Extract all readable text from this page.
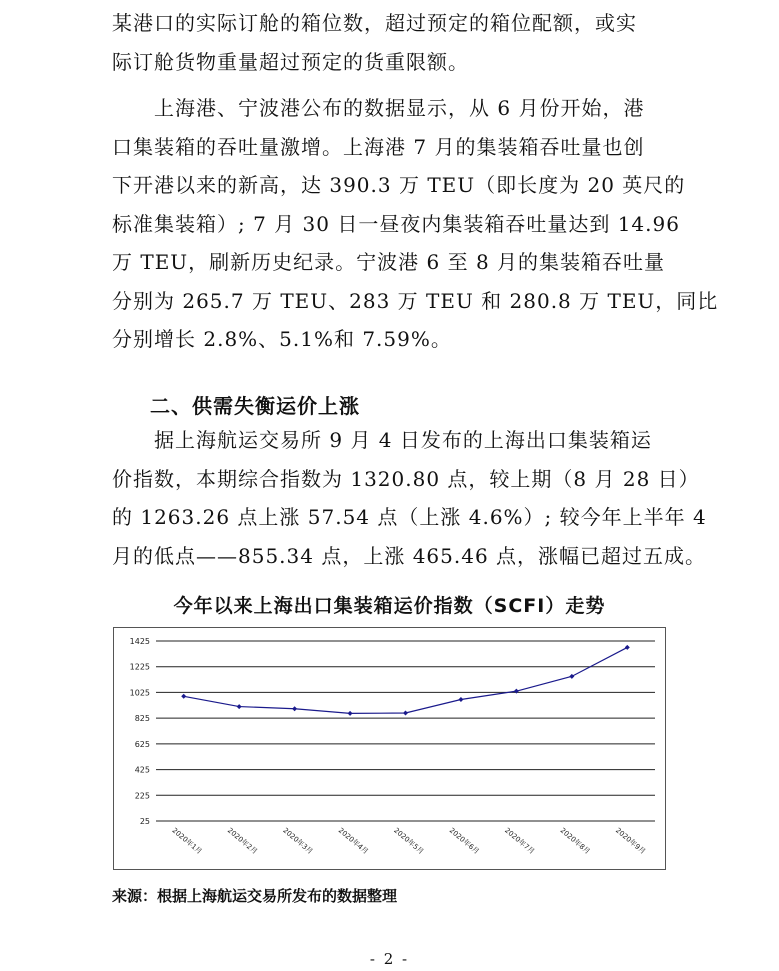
某港口的实际订舱的箱位数，超过预定的箱位配额，或实
际订舱货物重量超过预定的货重限额。
　　上海港、宁波港公布的数据显示，从 6 月份开始，港
口集装箱的吞吐量激增。上海港 7 月的集装箱吞吐量也创
下开港以来的新高，达 390.3 万 TEU（即长度为 20 英尺的
标准集装箱）; 7 月 30 日一昼夜内集装箱吞吐量达到 14.96
万 TEU，刷新历史纪录。宁波港 6 至 8 月的集装箱吞吐量
分别为 265.7 万 TEU、283 万 TEU 和 280.8 万 TEU，同比
分别增长 2.8%、5.1%和 7.59%。
二、供需失衡运价上涨
　　据上海航运交易所 9 月 4 日发布的上海出口集装箱运
价指数，本期综合指数为 1320.80 点，较上期（8 月 28 日）
的 1263.26 点上涨 57.54 点（上涨 4.6%）; 较今年上半年 4
月的低点——855.34 点，上涨 465.46 点，涨幅已超过五成。
今年以来上海出口集装箱运价指数（SCFI）走势
25
225
425
625
825
1025
1225
1425
2020年1月	2020年2月	2020年3月	2020年4月	2020年5月	2020年6月	2020年7月	2020年8月	2020年9月
来源：根据上海航运交易所发布的数据整理
- 2 -
